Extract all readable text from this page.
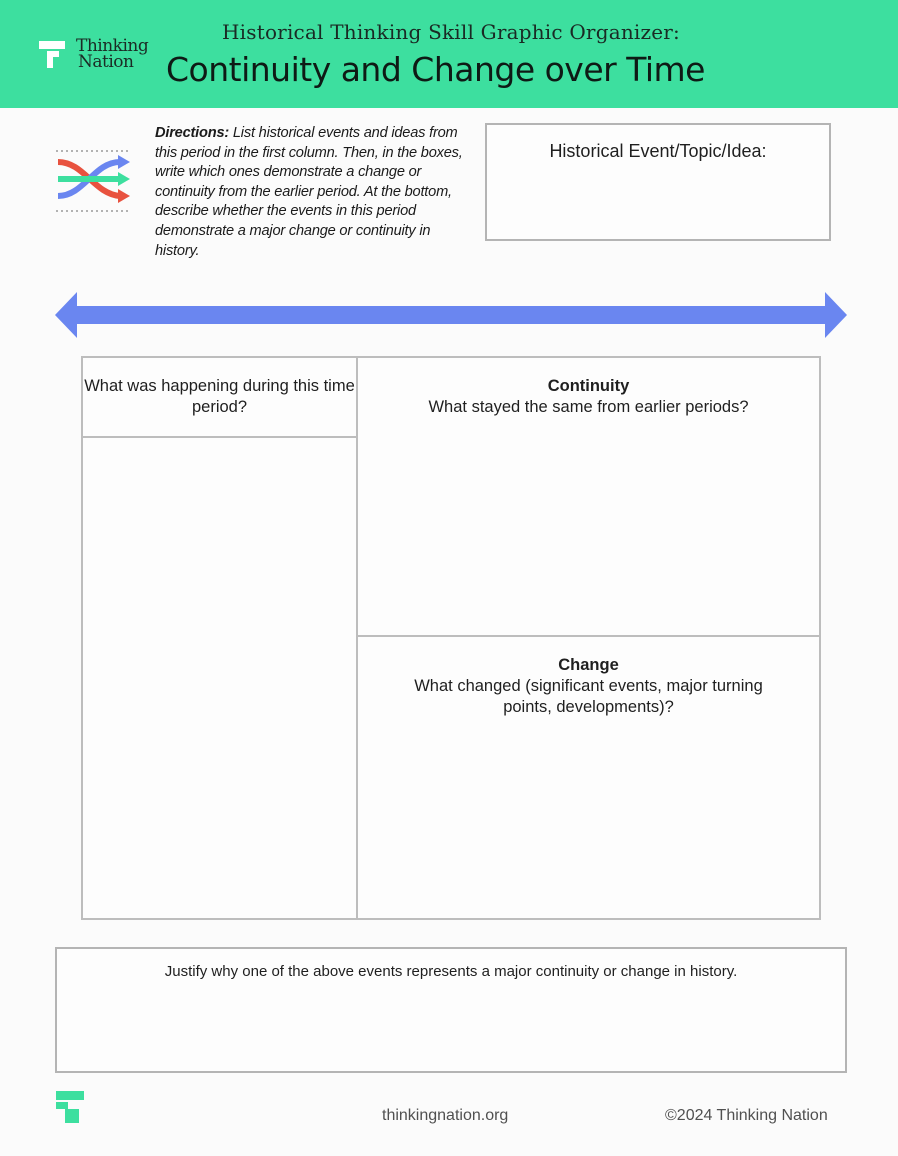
Thinking
Nation
Historical Thinking Skill Graphic Organizer:
Continuity and Change over Time
Directions: List historical events and ideas from this period in the first column. Then, in the boxes, write which ones demonstrate a change or continuity from the earlier period. At the bottom, describe whether the events in this period demonstrate a major change or continuity in history.
Historical Event/Topic/Idea:
What was happening during this time period?
Continuity
What stayed the same from earlier periods?
Change
What changed (significant events, major turning points, developments)?
Justify why one of the above events represents a major continuity or change in history.
thinkingnation.org	©2024 Thinking Nation
